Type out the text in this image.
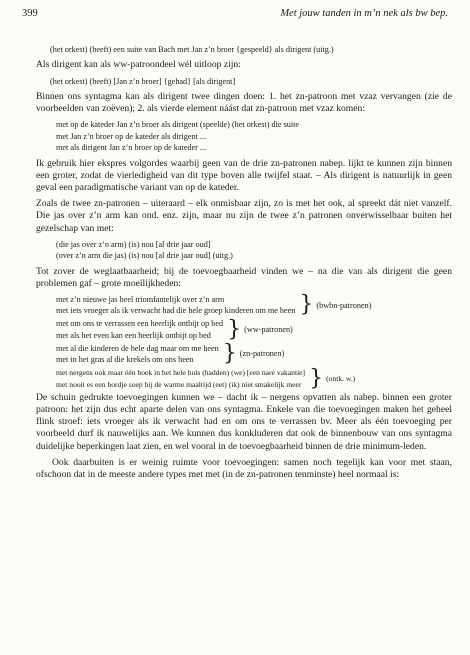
399	Met jouw tanden in m’n nek als bw bep.
(het orkest) (heeft) een suite van Bach met Jan z’n broer {gespeeld} als dirigent (uitg.)

Als dirigent kan als ww-patroondeel wél uitloop zijn:

(het orkest) (heeft) [Jan z’n broer] {gehad} [als dirigent]

Binnen ons syntagma kan als dirigent twee dingen doen: 1. het zn-patroon met vzaz vervangen (zie de voorbeelden van zoëven); 2. als vierde element náást dat zn-patroon met vzaz komen:

met op de kateder Jan z’n broer als dirigent (speelde) (het orkest) die suite
met Jan z’n broer op de kateder als dirigent ...
met als dirigent Jan z’n broer op de kateder ...

Ik gebruik hier ekspres volgordes waarbij geen van de drie zn-patronen nabep. lijkt te kunnen zijn binnen een groter, zodat de vierledigheid van dit type boven alle twijfel staat. – Als dirigent is natuurlijk in geen geval een paradigmatische variant van op de kateder.

Zoals de twee zn-patronen – uiteraard – elk onmisbaar zijn, zo is met het ook, al spreekt dát niet vanzelf. Die jas over z’n arm kan ond. enz. zijn, maar nu zijn de twee z’n patronen onverwisselbaar buiten het gezelschap van met:

(die jas over z’n arm) (is) nou [al drie jaar oud]
(over z’n arm die jas) (is) nou [al drie jaar oud] (uitg.)

Tot zover de weglaatbaarheid; bij de toevoegbaarheid vinden we – na die van als dirigent die geen problemen gaf – grote moeilijkheden:

met z’n nieuwe jas heel triomfantelijk over z’n arm
met iets vroeger als ik verwacht had die hele groep kinderen om me heen } (bwbn-patronen)
met om ons te verrassen een heerlijk ontbijt op bed
met als het even kan een heerlijk ontbijt op bed } (ww-patronen)
met al die kinderen de hele dag maar om me heen
met in het gras al die krekels om ons heen	} (zn-patronen)
met nergens ook maar één boek in het hele huis (hadden) (we) [een nare vakantie]
met nooit es een bordje soep bij de warme maaltijd (eet) (ik) niet smakelijk meer } (ontk. w.)

De schuin gedrukte toevoegingen kunnen we – dacht ik – nergens opvatten als nabep. binnen een groter patroon: het zijn dus echt aparte delen van ons syntagma. Enkele van die toevoegingen maken het geheel flink stroef: iets vroeger als ik verwacht had en om ons te verrassen bv. Meer als één toevoeging per voorbeeld durf ik nauwelijks aan. We kunnen dus konkluderen dat ook de binnenbouw van ons syntagma duidelijke beperkingen laat zien, en wel vooral in de toevoegbaarheid binnen de drie minimum-leden.

Ook daarbuiten is er weinig ruimte voor toevoegingen: samen noch tegelijk kan voor met staan, ofschoon dat in de meeste andere types met met (in de zn-patronen tenminste) heel normaal is:
